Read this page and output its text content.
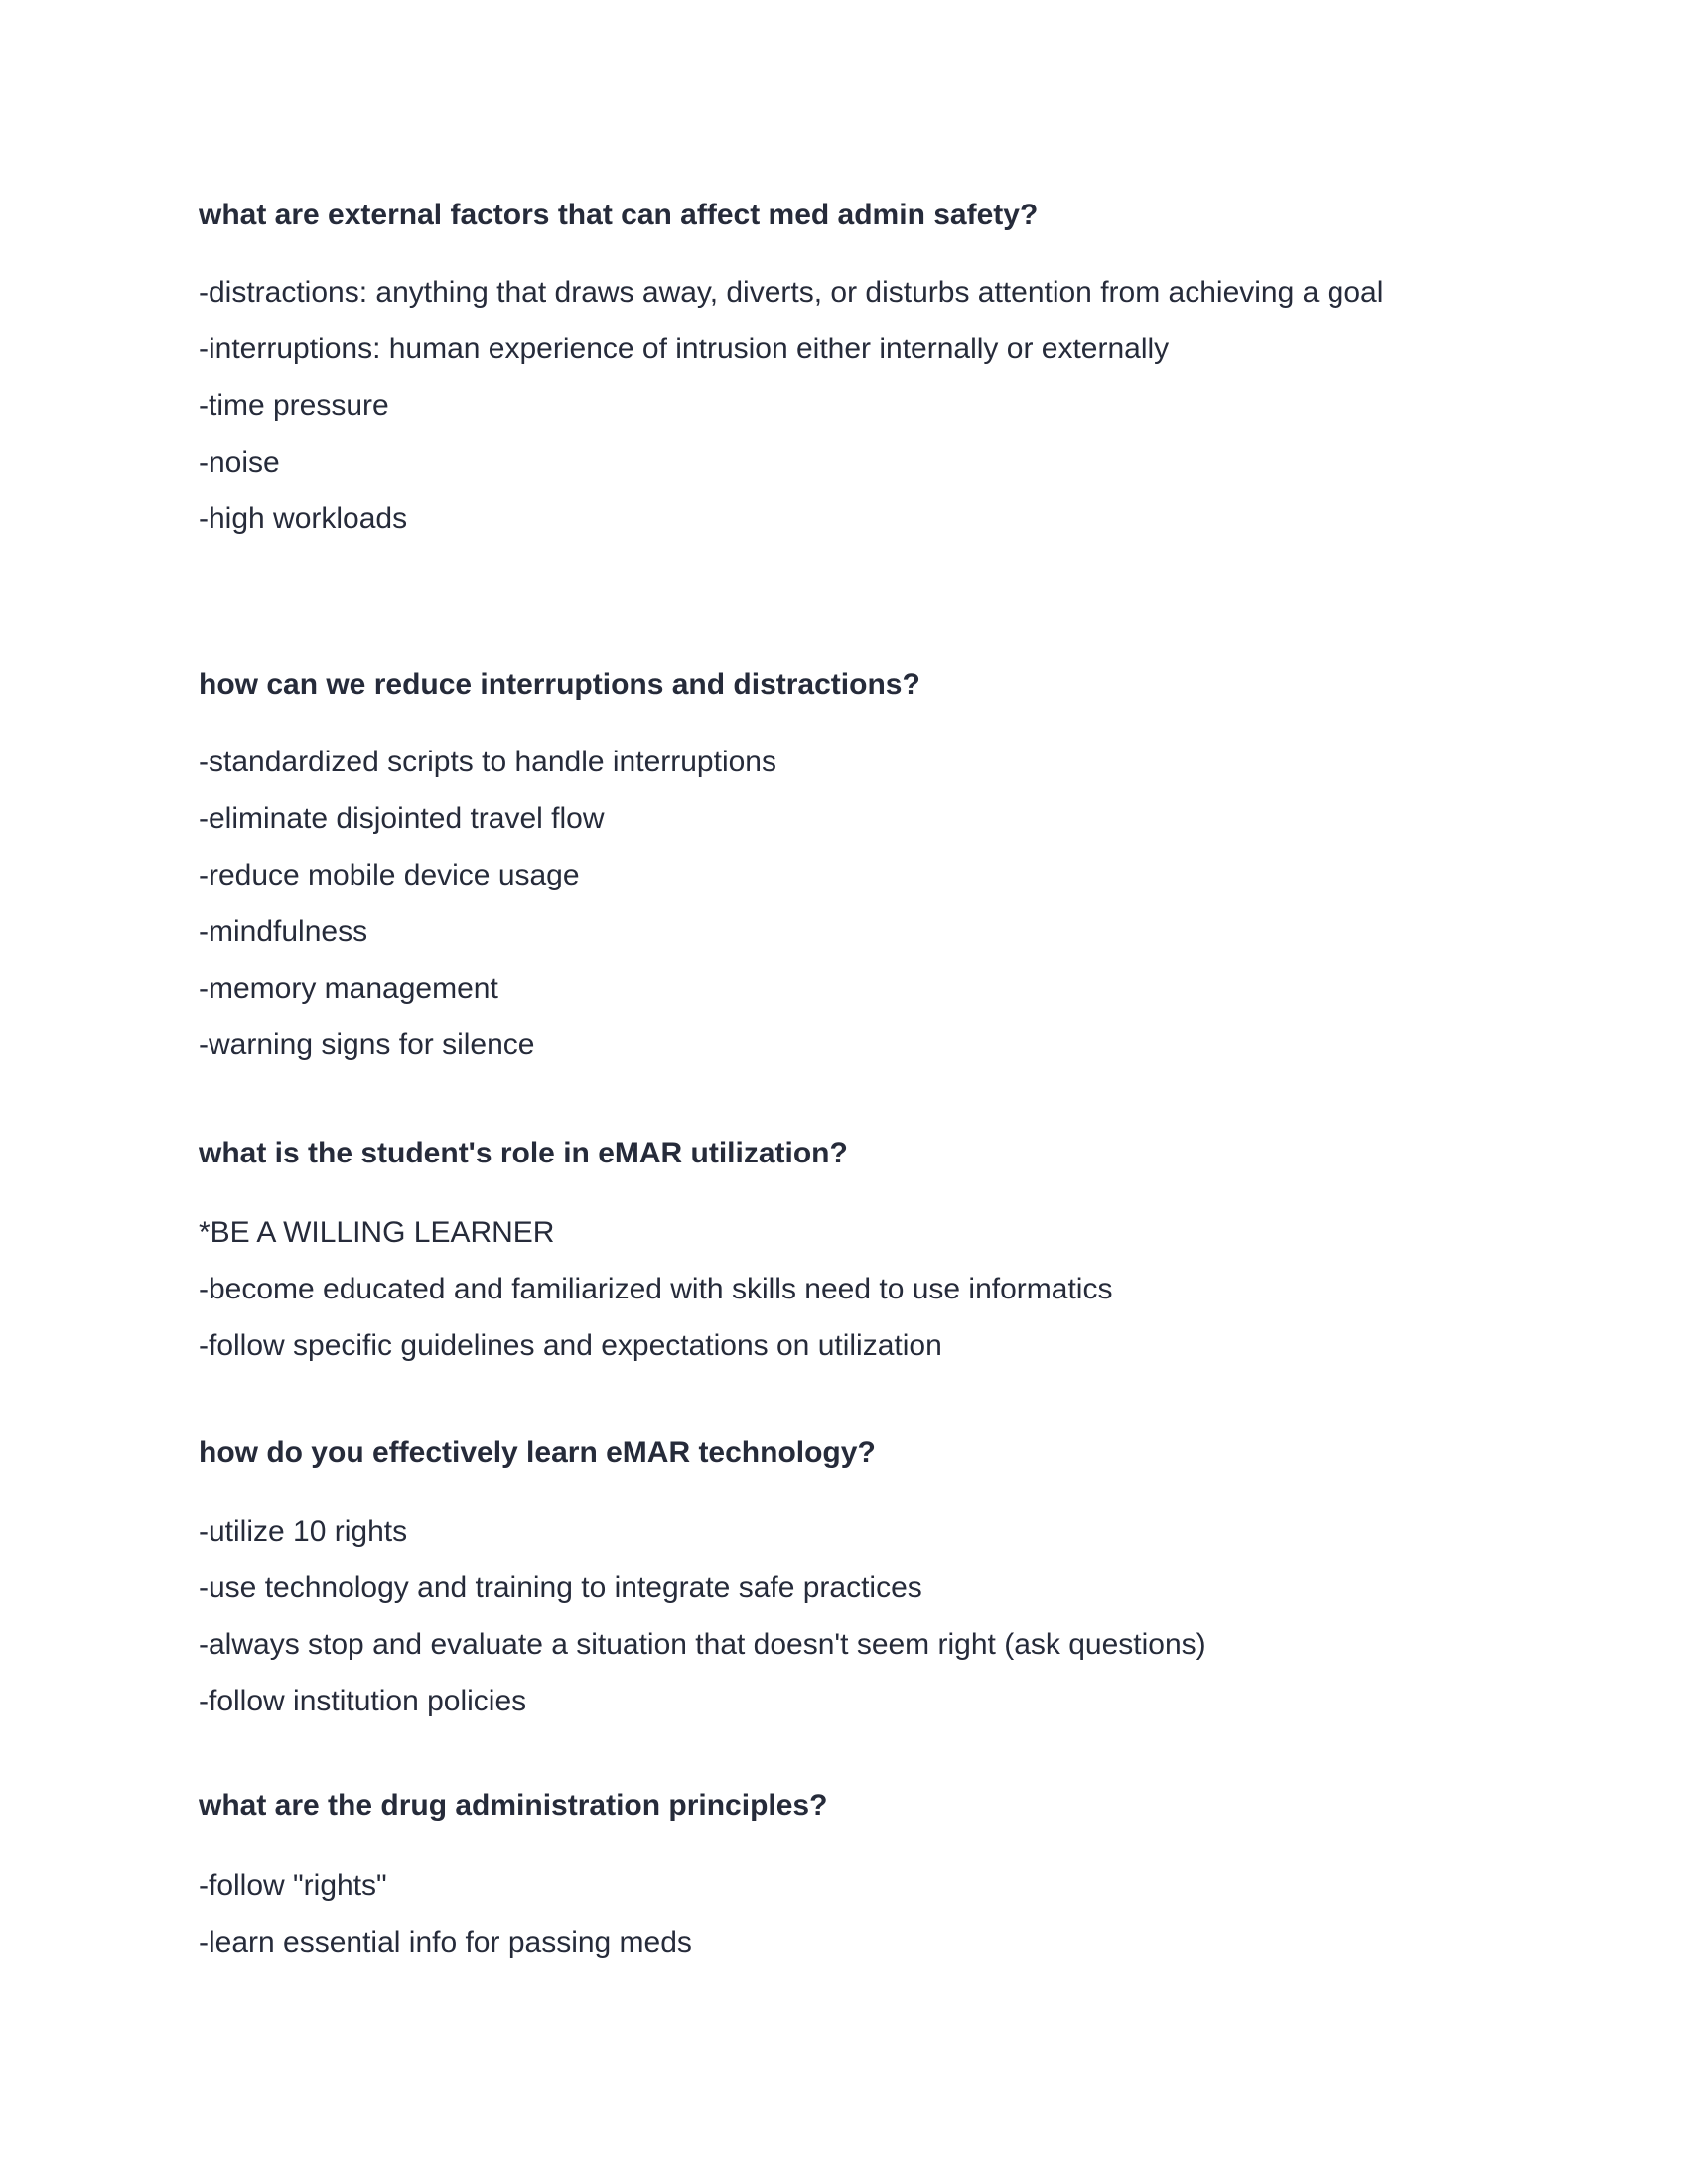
what are external factors that can affect med admin safety?
-distractions: anything that draws away, diverts, or disturbs attention from achieving a goal
-interruptions: human experience of intrusion either internally or externally
-time pressure
-noise
-high workloads
how can we reduce interruptions and distractions?
-standardized scripts to handle interruptions
-eliminate disjointed travel flow
-reduce mobile device usage
-mindfulness
-memory management
-warning signs for silence
what is the student's role in eMAR utilization?
*BE A WILLING LEARNER
-become educated and familiarized with skills need to use informatics
-follow specific guidelines and expectations on utilization
how do you effectively learn eMAR technology?
-utilize 10 rights
-use technology and training to integrate safe practices
-always stop and evaluate a situation that doesn't seem right (ask questions)
-follow institution policies
what are the drug administration principles?
-follow "rights"
-learn essential info for passing meds
